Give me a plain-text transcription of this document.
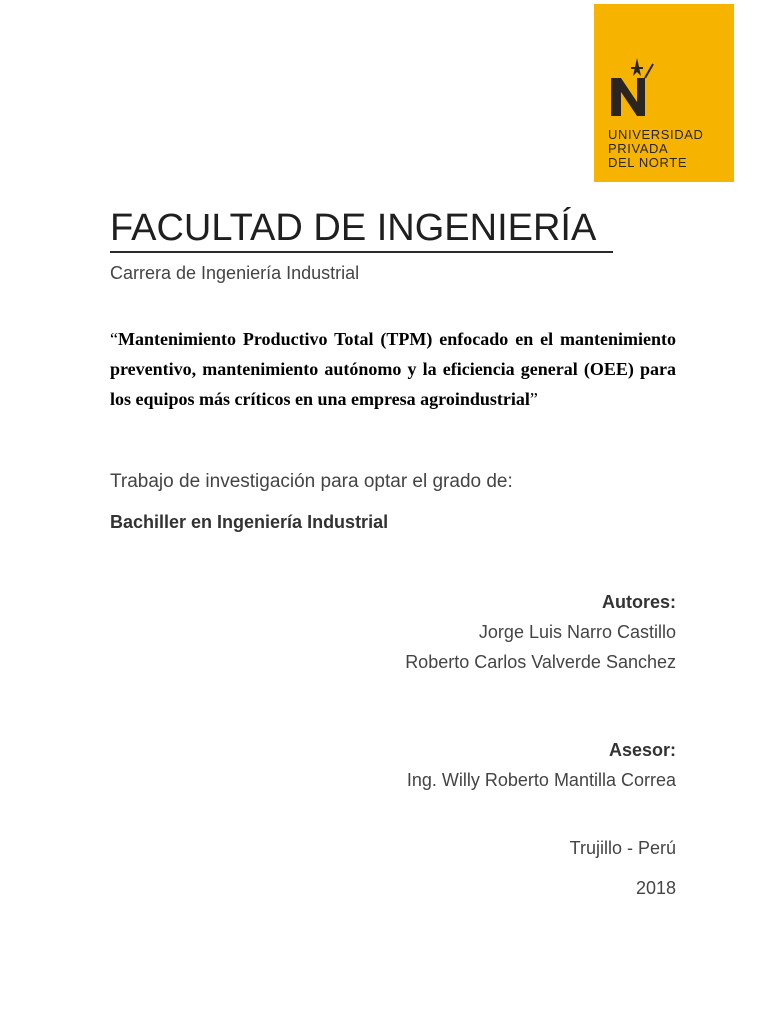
UNIVERSIDAD
PRIVADA
DEL NORTE
FACULTAD DE INGENIERÍA
Carrera de Ingeniería Industrial

“Mantenimiento Productivo Total (TPM) enfocado en el mantenimiento preventivo, mantenimiento autónomo y la eficiencia general (OEE) para los equipos más críticos en una empresa agroindustrial”

Trabajo de investigación para optar el grado de:
Bachiller en Ingeniería Industrial
Autores:
Jorge Luis Narro Castillo
Roberto Carlos Valverde Sanchez
Asesor:
Ing. Willy Roberto Mantilla Correa
Trujillo - Perú
2018
